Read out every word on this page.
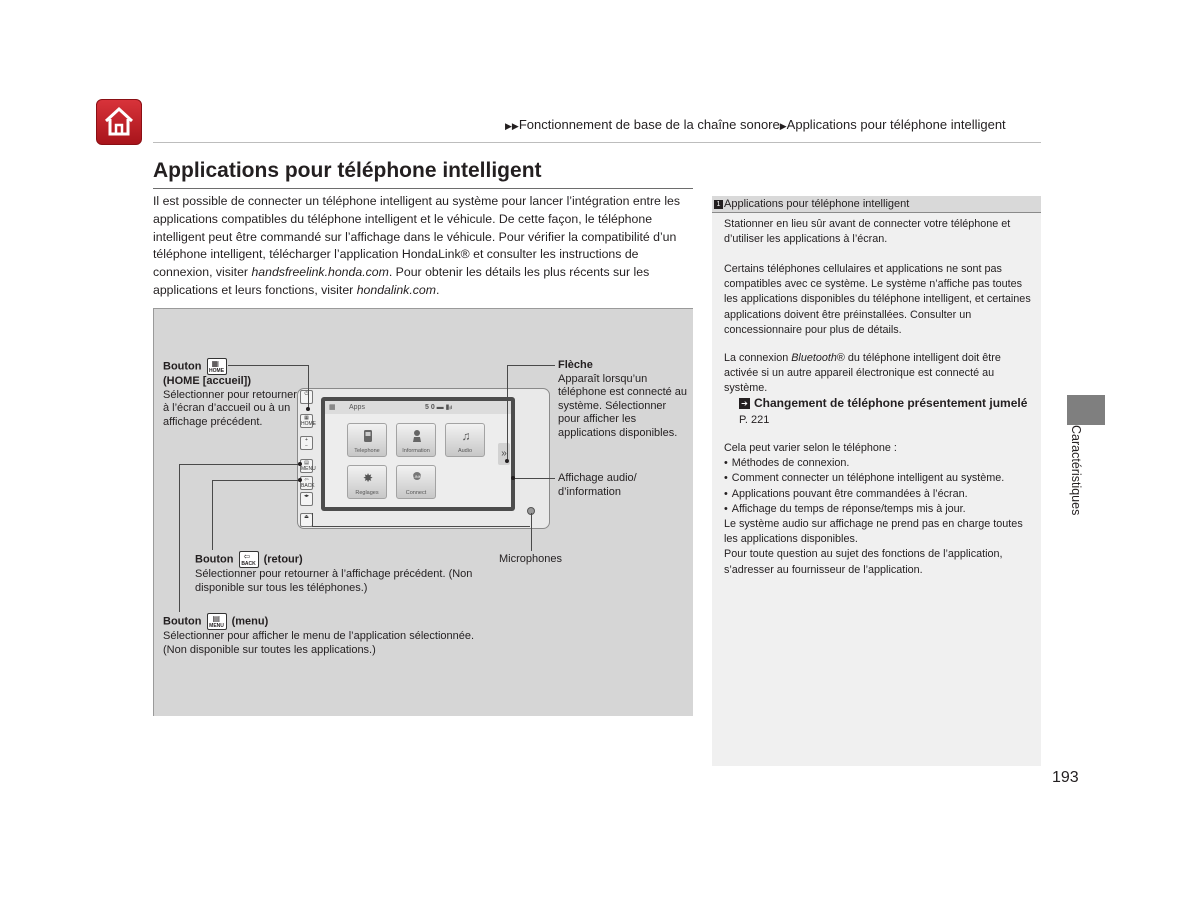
▶▶Fonctionnement de base de la chaîne sonore▶Applications pour téléphone intelligent
Applications pour téléphone intelligent
Il est possible de connecter un téléphone intelligent au système pour lancer l’intégration entre les applications compatibles du téléphone intelligent et le véhicule. De cette façon, le téléphone intelligent peut être commandé sur l’affichage dans le véhicule. Pour vérifier la compatibilité d’un téléphone intelligent, télécharger l’application HondaLink® et consulter les instructions de connexion, visiter handsfreelink.honda.com. Pour obtenir les détails les plus récents sur les applications et leurs fonctions, visiter hondalink.com.
⏻
▦
HOME
+
−
▤
MENU
⇦
BACK
◂▸
⏏
▦ Apps	5 0 ▬ ▮ᵢₗ
Telephone	Information
♫
Audio
✸
Reglages
LINK
Connect
»
Bouton ▦
HOME

(HOME [accueil])
Sélectionner pour retourner à l’écran d’accueil ou à un affichage précédent.
Flèche
Apparaît lorsqu’un téléphone est connecté au système. Sélectionner pour afficher les applications disponibles.
Affichage audio/ d’information
Bouton ⇦
BACK (retour)
Sélectionner pour retourner à l’affichage précédent. (Non disponible sur tous les téléphones.)
Microphones
Bouton ▤
MENU (menu)
Sélectionner pour afficher le menu de l’application sélectionnée. (Non disponible sur toutes les applications.)
1 Applications pour téléphone intelligent
Stationner en lieu sûr avant de connecter votre téléphone et d’utiliser les applications à l’écran.
Certains téléphones cellulaires et applications ne sont pas compatibles avec ce système. Le système n’affiche pas toutes les applications disponibles du téléphone intelligent, et certaines applications doivent être préinstallées. Consulter un concessionnaire pour plus de détails.
La connexion Bluetooth® du téléphone intelligent doit être activée si un autre appareil électronique est connecté au système.
➔ Changement de téléphone présentement jumelé P. 221
Cela peut varier selon le téléphone :
• Méthodes de connexion.
• Comment connecter un téléphone intelligent au système.
• Applications pouvant être commandées à l’écran.
• Affichage du temps de réponse/temps mis à jour.
Le système audio sur affichage ne prend pas en charge toutes les applications disponibles.
Pour toute question au sujet des fonctions de l’application, s’adresser au fournisseur de l’application.
Caractéristiques
193
